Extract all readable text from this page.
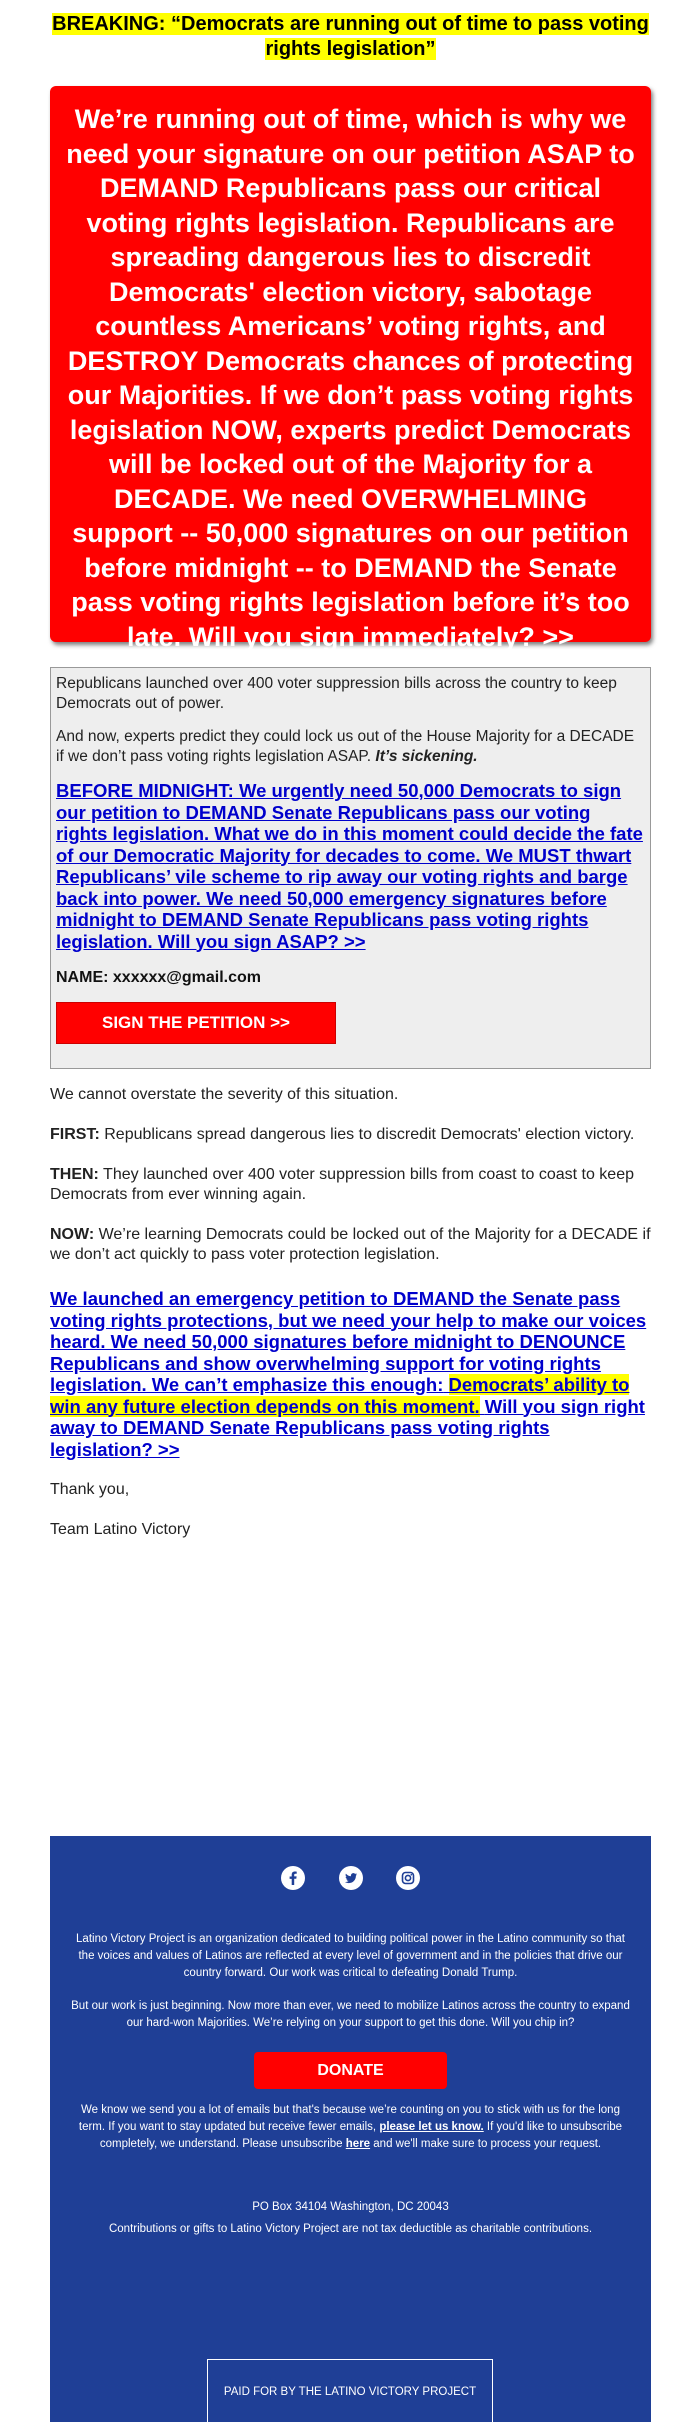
BREAKING: “Democrats are running out of time to pass voting rights legislation”
We’re running out of time, which is why we need your signature on our petition ASAP to DEMAND Republicans pass our critical voting rights legislation. Republicans are spreading dangerous lies to discredit Democrats' election victory, sabotage countless Americans’ voting rights, and DESTROY Democrats chances of protecting our Majorities. If we don’t pass voting rights legislation NOW, experts predict Democrats will be locked out of the Majority for a DECADE. We need OVERWHELMING support -- 50,000 signatures on our petition before midnight -- to DEMAND the Senate pass voting rights legislation before it’s too late. Will you sign immediately? >>

Republicans launched over 400 voter suppression bills across the country to keep Democrats out of power.

And now, experts predict they could lock us out of the House Majority for a DECADE if we don’t pass voting rights legislation ASAP. It’s sickening.

BEFORE MIDNIGHT: We urgently need 50,000 Democrats to sign our petition to DEMAND Senate Republicans pass our voting rights legislation. What we do in this moment could decide the fate of our Democratic Majority for decades to come. We MUST thwart Republicans’ vile scheme to rip away our voting rights and barge back into power. We need 50,000 emergency signatures before midnight to DEMAND Senate Republicans pass voting rights legislation. Will you sign ASAP? >>
NAME: xxxxxx@gmail.com
SIGN THE PETITION >>

We cannot overstate the severity of this situation.

FIRST: Republicans spread dangerous lies to discredit Democrats' election victory.

THEN: They launched over 400 voter suppression bills from coast to coast to keep Democrats from ever winning again.

NOW: We’re learning Democrats could be locked out of the Majority for a DECADE if we don’t act quickly to pass voter protection legislation.

We launched an emergency petition to DEMAND the Senate pass voting rights protections, but we need your help to make our voices heard. We need 50,000 signatures before midnight to DENOUNCE Republicans and show overwhelming support for voting rights legislation. We can’t emphasize this enough: Democrats’ ability to win any future election depends on this moment. Will you sign right away to DEMAND Senate Republicans pass voting rights legislation? >>

Thank you,

Team Latino Victory

Latino Victory Project is an organization dedicated to building political power in the Latino community so that the voices and values of Latinos are reflected at every level of government and in the policies that drive our country forward. Our work was critical to defeating Donald Trump.
But our work is just beginning. Now more than ever, we need to mobilize Latinos across the country to expand our hard-won Majorities. We’re relying on your support to get this done. Will you chip in?
DONATE
We know we send you a lot of emails but that's because we’re counting on you to stick with us for the long term. If you want to stay updated but receive fewer emails, please let us know. If you'd like to unsubscribe completely, we understand. Please unsubscribe here and we'll make sure to process your request.
PO Box 34104 Washington, DC 20043
Contributions or gifts to Latino Victory Project are not tax deductible as charitable contributions.
PAID FOR BY THE LATINO VICTORY PROJECT
